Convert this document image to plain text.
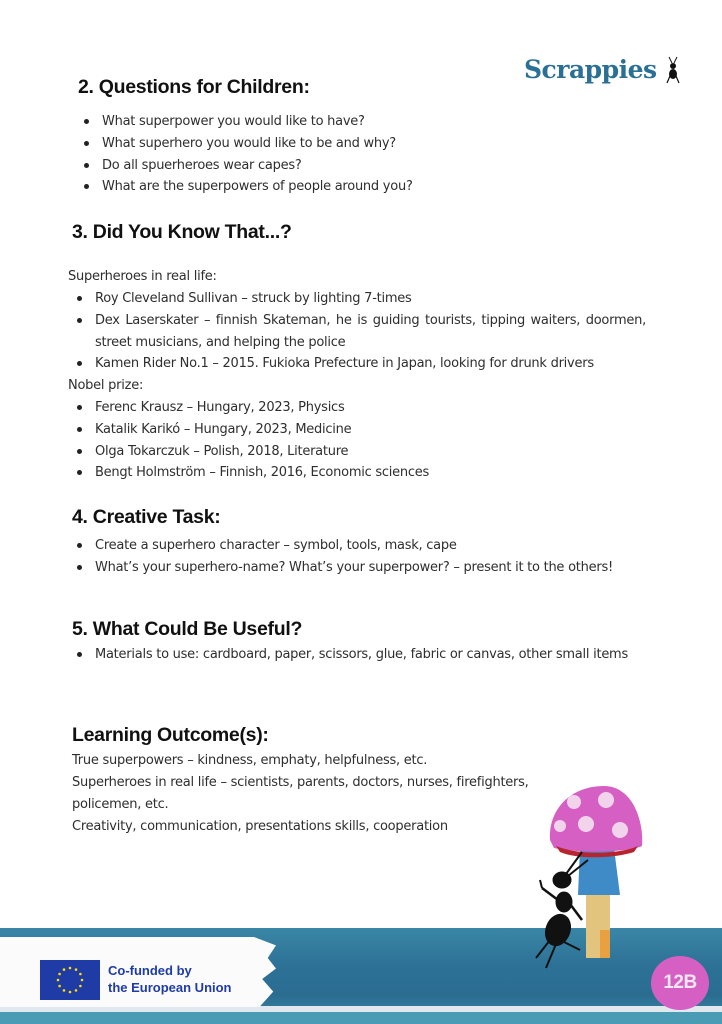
Scrappies
2. Questions for Children:
What superpower you would like to have?
What superhero you would like to be and why?
Do all spuerheroes wear capes?
What are the superpowers of people around you?
3. Did You Know That...?
Superheroes in real life:
Roy Cleveland Sullivan – struck by lighting 7-times
Dex Laserskater – finnish Skateman, he is guiding tourists, tipping waiters, doormen, street musicians, and helping the police
Kamen Rider No.1 – 2015. Fukioka Prefecture in Japan, looking for drunk drivers
Nobel prize:
Ferenc Krausz – Hungary, 2023, Physics
Katalik Karikó – Hungary, 2023, Medicine
Olga Tokarczuk – Polish, 2018, Literature
Bengt Holmström – Finnish, 2016, Economic sciences
4. Creative Task:
Create a superhero character – symbol, tools, mask, cape
What’s your superhero-name? What’s your superpower? – present it to the others!
5. What Could Be Useful?
Materials to use: cardboard, paper, scissors, glue, fabric or canvas, other small items
Learning Outcome(s):
True superpowers – kindness, emphaty, helpfulness, etc.
Superheroes in real life – scientists, parents, doctors, nurses, firefighters,
policemen, etc.
Creativity, communication, presentations skills, cooperation
Co-funded by
the European Union	12B
